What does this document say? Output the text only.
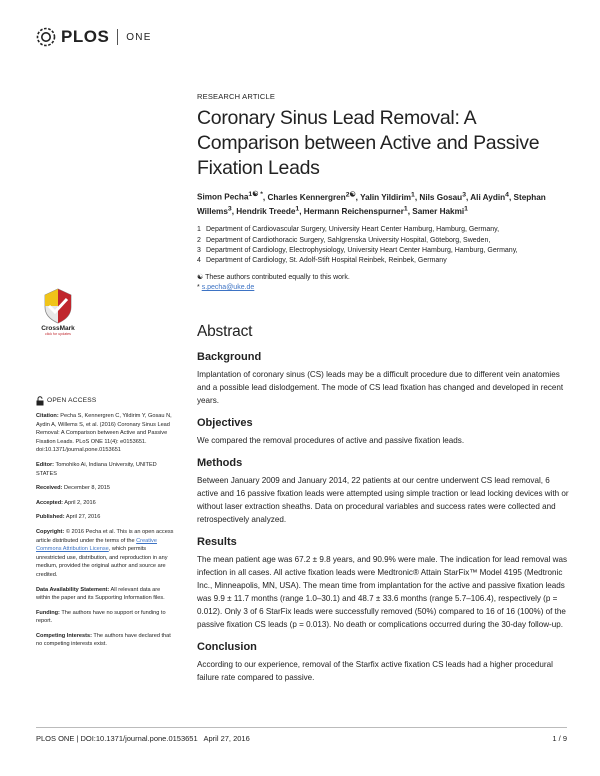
PLOS ONE
RESEARCH ARTICLE
Coronary Sinus Lead Removal: A Comparison between Active and Passive Fixation Leads
Simon Pecha$^{1☯ *}$, Charles Kennergren$^{2☯}$, Yalin Yildirim$^1$, Nils Gosau$^3$, Ali Aydin$^4$, Stephan Willems$^3$, Hendrik Treede$^1$, Hermann Reichenspurner$^1$, Samer Hakmi$^1$
1 Department of Cardiovascular Surgery, University Heart Center Hamburg, Hamburg, Germany,
2 Department of Cardiothoracic Surgery, Sahlgrenska University Hospital, Göteborg, Sweden,
3 Department of Cardiology, Electrophysiology, University Heart Center Hamburg, Hamburg, Germany,
4 Department of Cardiology, St. Adolf-Stift Hospital Reinbek, Reinbek, Germany
☯ These authors contributed equally to this work.
* s.pecha@uke.de
Abstract
Background
Implantation of coronary sinus (CS) leads may be a difficult procedure due to different vein anatomies and a possible lead dislodgement. The mode of CS lead fixation has changed and developed in recent years.
Objectives
We compared the removal procedures of active and passive fixation leads.
Methods
Between January 2009 and January 2014, 22 patients at our centre underwent CS lead removal, 6 active and 16 passive fixation leads were attempted using simple traction or lead locking devices with or without laser extraction sheaths. Data on procedural variables and success rates were collected and retrospectively analyzed.
Results
The mean patient age was 67.2 ± 9.8 years, and 90.9% were male. The indication for lead removal was infection in all cases. All active fixation leads were Medtronic® Attain StarFix™ Model 4195 (Medtronic Inc., Minneapolis, MN, USA). The mean time from implantation for the active and passive fixation leads was 9.9 ± 11.7 months (range 1.0–30.1) and 48.7 ± 33.6 months (range 5.7–106.4), respectively (p = 0.012). Only 3 of 6 StarFix leads were successfully removed (50%) compared to 16 of 16 (100%) of the passive fixation CS leads (p = 0.013). No death or complications occurred during the 30-day follow-up.
Conclusion
According to our experience, removal of the Starfix active fixation CS leads had a higher procedural failure rate compared to passive.
CrossMark
click for updates
OPEN ACCESS
Citation: Pecha S, Kennergren C, Yildirim Y, Gosau N, Aydin A, Willems S, et al. (2016) Coronary Sinus Lead Removal: A Comparison between Active and Passive Fixation Leads. PLoS ONE 11(4): e0153651. doi:10.1371/journal.pone.0153651
Editor: Tomohiko Ai, Indiana University, UNITED STATES
Received: December 8, 2015
Accepted: April 2, 2016
Published: April 27, 2016
Copyright: © 2016 Pecha et al. This is an open access article distributed under the terms of the Creative Commons Attribution License, which permits unrestricted use, distribution, and reproduction in any medium, provided the original author and source are credited.
Data Availability Statement: All relevant data are within the paper and its Supporting Information files.
Funding: The authors have no support or funding to report.
Competing Interests: The authors have declared that no competing interests exist.
PLOS ONE | DOI:10.1371/journal.pone.0153651   April 27, 2016	1 / 9
